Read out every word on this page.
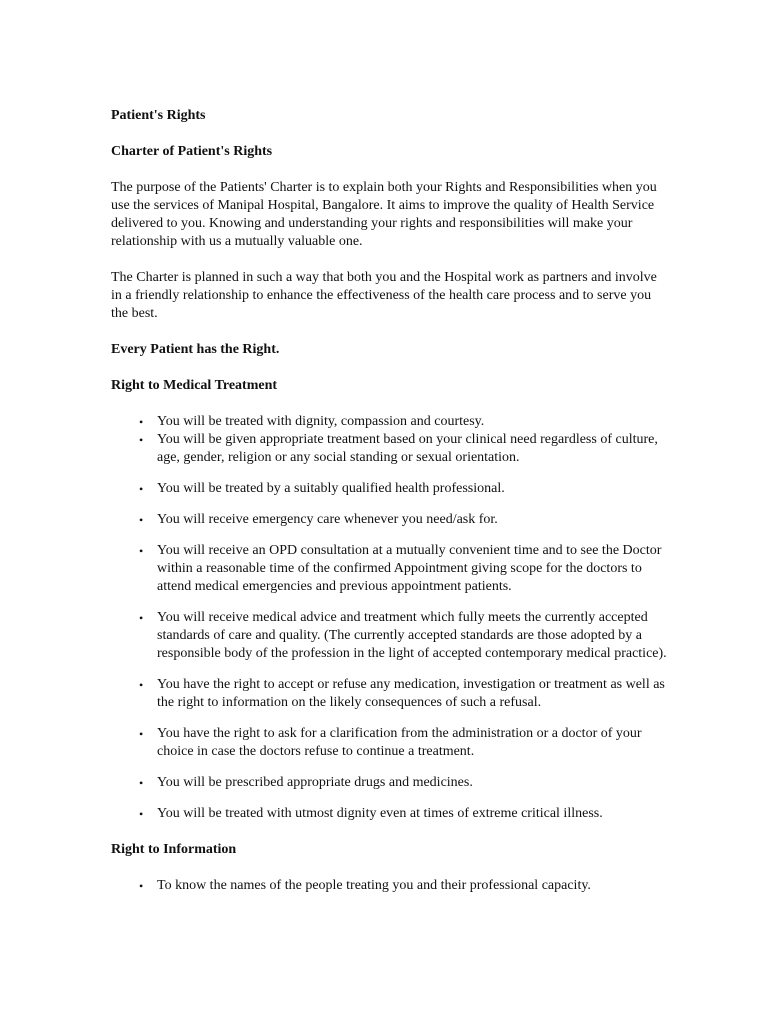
Patient's Rights
Charter of Patient's Rights

The purpose of the Patients' Charter is to explain both your Rights and Responsibilities when you use the services of Manipal Hospital, Bangalore. It aims to improve the quality of Health Service delivered to you. Knowing and understanding your rights and responsibilities will make your relationship with us a mutually valuable one.

The Charter is planned in such a way that both you and the Hospital work as partners and involve in a friendly relationship to enhance the effectiveness of the health care process and to serve you the best.

Every Patient has the Right.
Right to Medical Treatment
• You will be treated with dignity, compassion and courtesy.
• You will be given appropriate treatment based on your clinical need regardless of culture, age, gender, religion or any social standing or sexual orientation.
• You will be treated by a suitably qualified health professional.
• You will receive emergency care whenever you need/ask for.
• You will receive an OPD consultation at a mutually convenient time and to see the Doctor within a reasonable time of the confirmed Appointment giving scope for the doctors to attend medical emergencies and previous appointment patients.
• You will receive medical advice and treatment which fully meets the currently accepted standards of care and quality. (The currently accepted standards are those adopted by a responsible body of the profession in the light of accepted contemporary medical practice).
• You have the right to accept or refuse any medication, investigation or treatment as well as the right to information on the likely consequences of such a refusal.
• You have the right to ask for a clarification from the administration or a doctor of your choice in case the doctors refuse to continue a treatment.
• You will be prescribed appropriate drugs and medicines.
• You will be treated with utmost dignity even at times of extreme critical illness.
Right to Information
• To know the names of the people treating you and their professional capacity.
